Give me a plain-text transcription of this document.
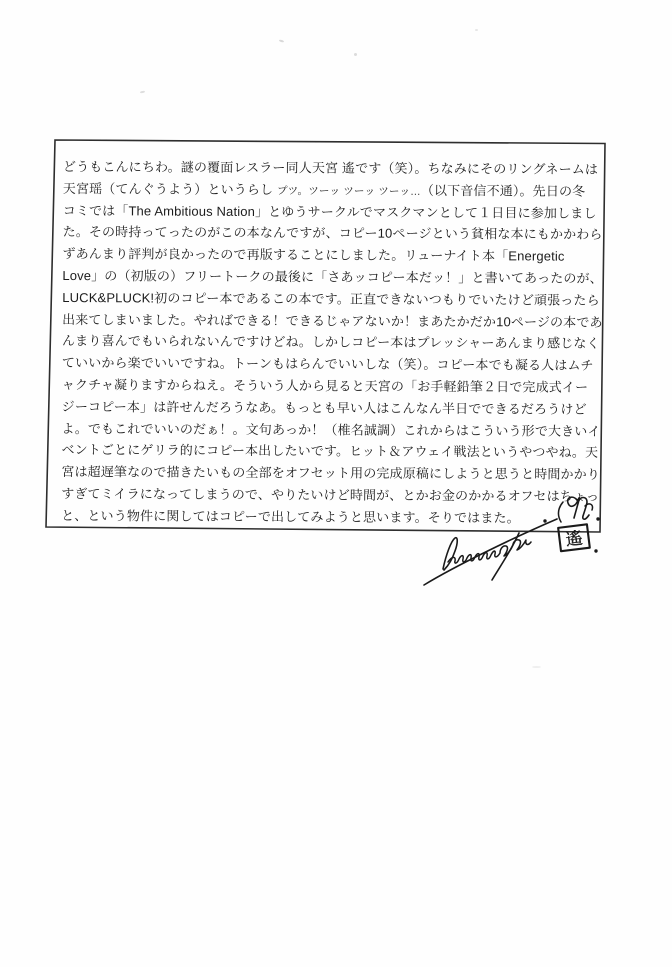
どうもこんにちわ。謎の覆面レスラー同人天宮 遙です（笑）。ちなみにそのリングネームは
天宮瑶（てんぐうよう）というらし プツ。ツーッ ツーッ ツーッ…（以下音信不通）。先日の冬
コミでは「The Ambitious Nation」とゆうサークルでマスクマンとして１日目に参加しまし
た。その時持ってったのがこの本なんですが、コピー10ページという貧相な本にもかかわら
ずあんまり評判が良かったので再版することにしました。リューナイト本「Energetic
Love」の（初版の）フリートークの最後に「さあッコピー本だッ！」と書いてあったのが、
LUCK&PLUCK!初のコピー本であるこの本です。正直できないつもりでいたけど頑張ったら
出来てしまいました。やればできる！できるじゃアないか！まあたかだか10ページの本であ
んまり喜んでもいられないんですけどね。しかしコピー本はプレッシャーあんまり感じなく
ていいから楽でいいですね。トーンもはらんでいいしな（笑）。コピー本でも凝る人はムチ
ャクチャ凝りますからねえ。そういう人から見ると天宮の「お手軽鉛筆２日で完成式イー
ジーコピー本」は許せんだろうなあ。もっとも早い人はこんなん半日でできるだろうけど
よ。でもこれでいいのだぁ！。文句あっか！（椎名誠調）これからはこういう形で大きいイ
ベントごとにゲリラ的にコピー本出したいです。ヒット＆アウェイ戦法というやつやね。天
宮は超遅筆なので描きたいもの全部をオフセット用の完成原稿にしようと思うと時間かかり
すぎてミイラになってしまうので、やりたいけど時間が、とかお金のかかるオフセはちょっ
と、という物件に関してはコピーで出してみようと思います。そりではまた。
遙
